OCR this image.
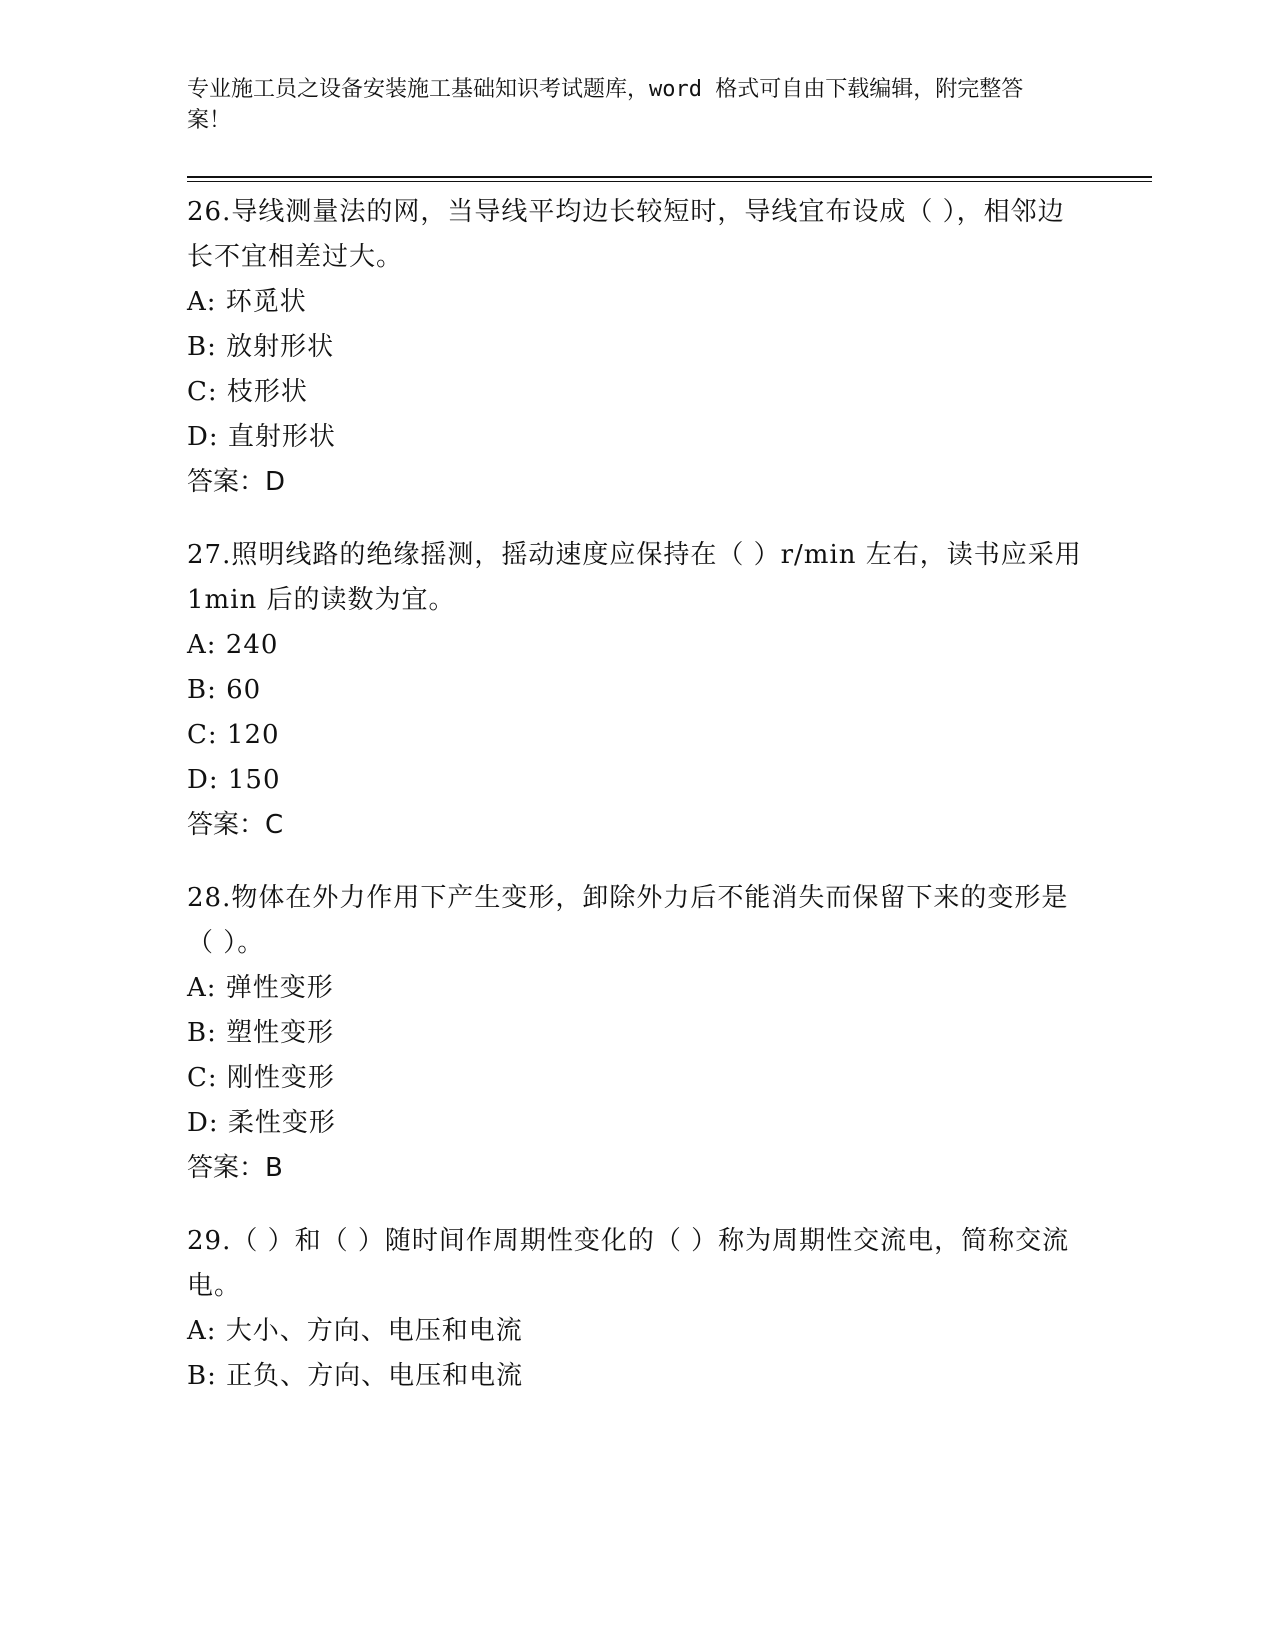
专业施工员之设备安装施工基础知识考试题库，word 格式可自由下载编辑，附完整答案！
26.导线测量法的网，当导线平均边长较短时，导线宜布设成（ ），相邻边长不宜相差过大。
A: 环觅状
B: 放射形状
C: 枝形状
D: 直射形状
答案：D
27.照明线路的绝缘摇测，摇动速度应保持在（ ）r/min 左右，读书应采用 1min 后的读数为宜。
A: 240
B: 60
C: 120
D: 150
答案：C
28.物体在外力作用下产生变形，卸除外力后不能消失而保留下来的变形是（ ）。
A: 弹性变形
B: 塑性变形
C: 刚性变形
D: 柔性变形
答案：B
29.（ ）和（ ）随时间作周期性变化的（ ）称为周期性交流电，简称交流电。
A: 大小、方向、电压和电流
B: 正负、方向、电压和电流
